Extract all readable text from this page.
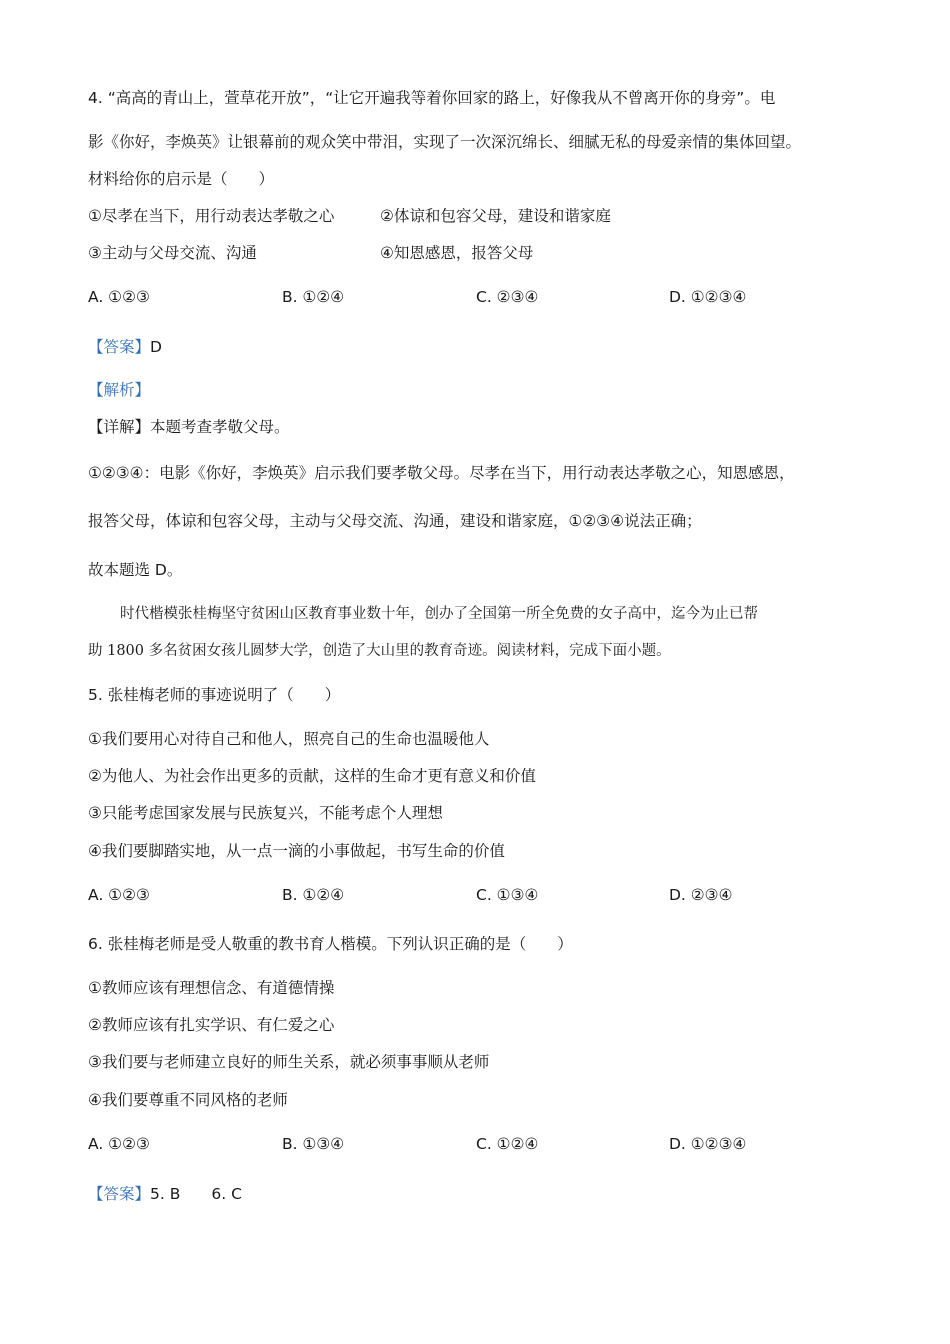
4. “高高的青山上，萱草花开放”，“让它开遍我等着你回家的路上，好像我从不曾离开你的身旁”。电
影《你好，李焕英》让银幕前的观众笑中带泪，实现了一次深沉绵长、细腻无私的母爱亲情的集体回望。
材料给你的启示是（　　）
①尽孝在当下，用行动表达孝敬之心	②体谅和包容父母，建设和谐家庭
③主动与父母交流、沟通	④知恩感恩，报答父母
A. ①②③	B. ①②④	C. ②③④	D. ①②③④
【答案】D
【解析】
【详解】本题考查孝敬父母。
①②③④：电影《你好，李焕英》启示我们要孝敬父母。尽孝在当下，用行动表达孝敬之心，知恩感恩，
报答父母，体谅和包容父母，主动与父母交流、沟通，建设和谐家庭，①②③④说法正确；
故本题选 D。
时代楷模张桂梅坚守贫困山区教育事业数十年，创办了全国第一所全免费的女子高中，迄今为止已帮
助 1800 多名贫困女孩儿圆梦大学，创造了大山里的教育奇迹。阅读材料，完成下面小题。
5. 张桂梅老师的事迹说明了（　　）
①我们要用心对待自己和他人，照亮自己的生命也温暖他人
②为他人、为社会作出更多的贡献，这样的生命才更有意义和价值
③只能考虑国家发展与民族复兴，不能考虑个人理想
④我们要脚踏实地，从一点一滴的小事做起，书写生命的价值
A. ①②③	B. ①②④	C. ①③④	D. ②③④
6. 张桂梅老师是受人敬重的教书育人楷模。下列认识正确的是（　　）
①教师应该有理想信念、有道德情操
②教师应该有扎实学识、有仁爱之心
③我们要与老师建立良好的师生关系，就必须事事顺从老师
④我们要尊重不同风格的老师
A. ①②③	B. ①③④	C. ①②④	D. ①②③④
【答案】5. B　　6. C
